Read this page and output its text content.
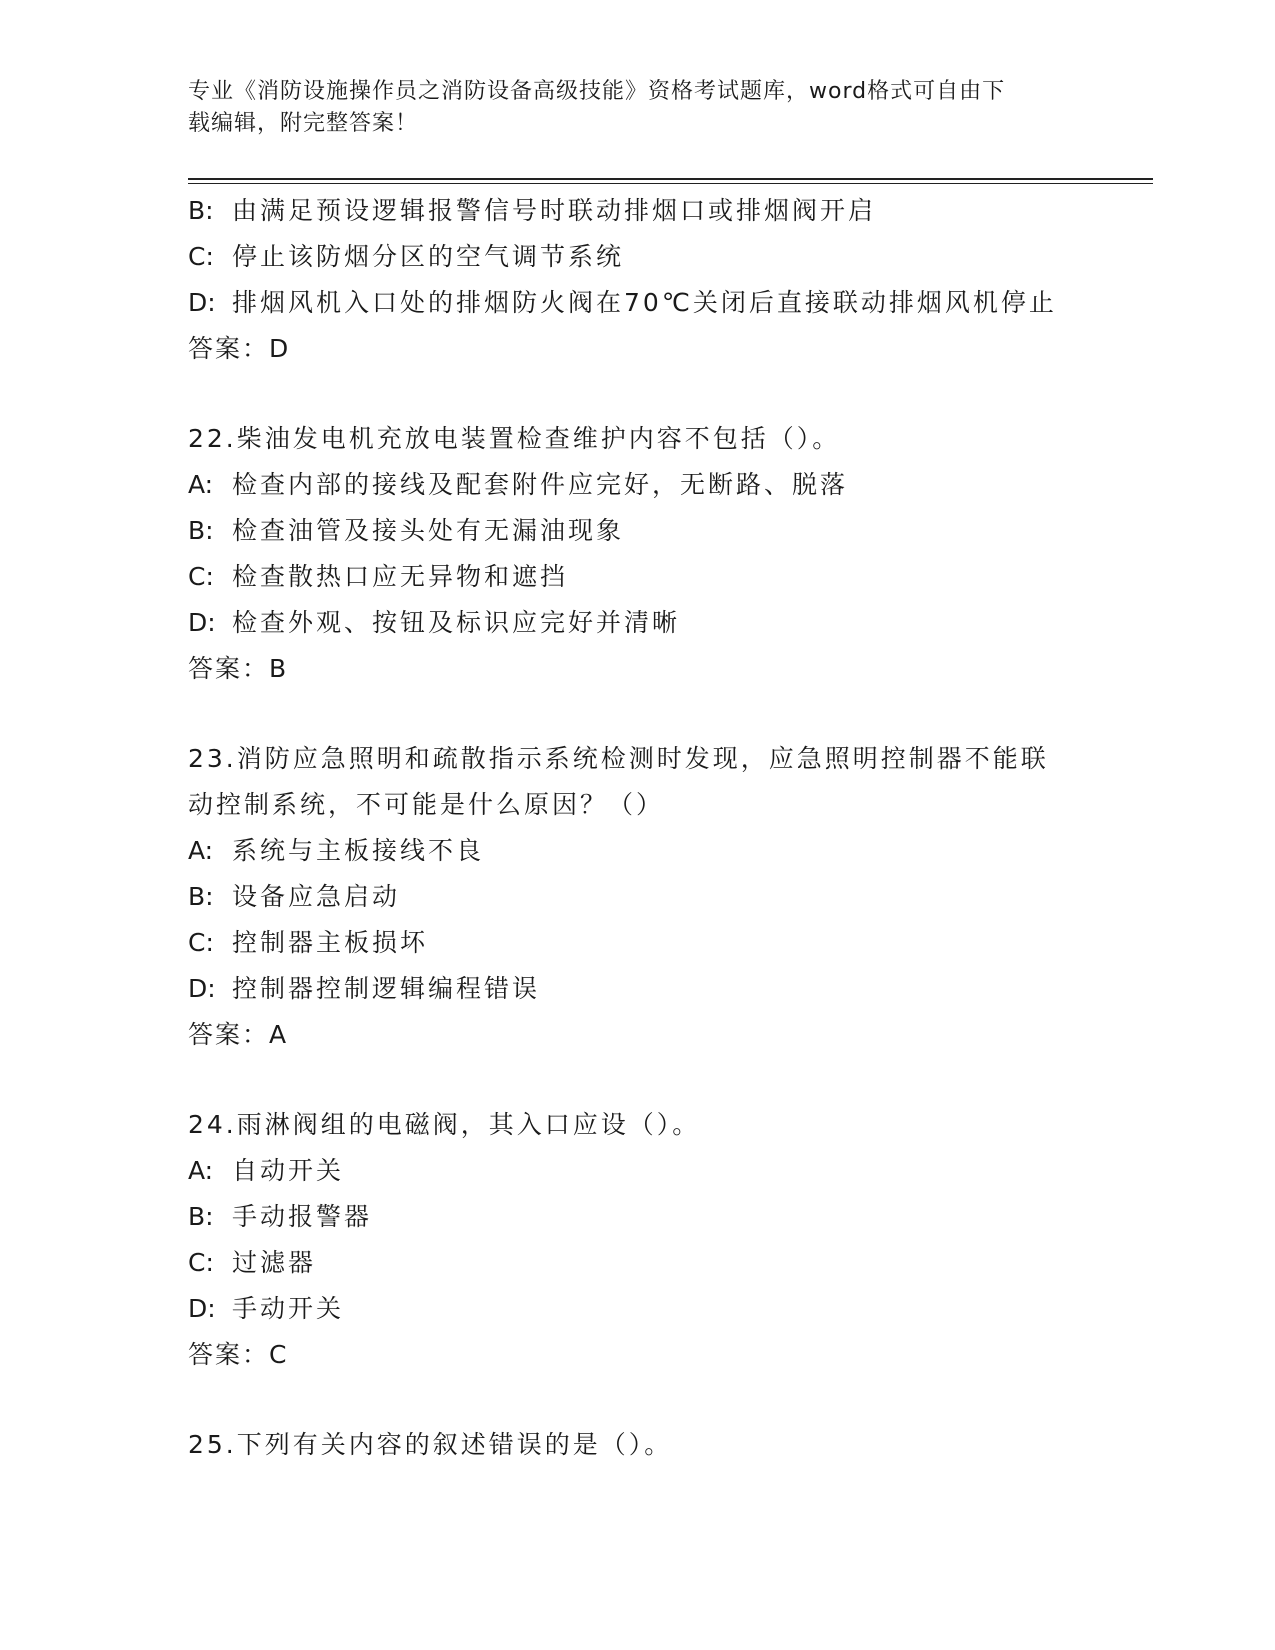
专业《消防设施操作员之消防设备高级技能》资格考试题库，word格式可自由下
载编辑，附完整答案！
B: 由满足预设逻辑报警信号时联动排烟口或排烟阀开启
C: 停止该防烟分区的空气调节系统
D: 排烟风机入口处的排烟防火阀在70℃关闭后直接联动排烟风机停止
答案：D
22.柴油发电机充放电装置检查维护内容不包括（）。
A: 检查内部的接线及配套附件应完好，无断路、脱落
B: 检查油管及接头处有无漏油现象
C: 检查散热口应无异物和遮挡
D: 检查外观、按钮及标识应完好并清晰
答案：B
23.消防应急照明和疏散指示系统检测时发现，应急照明控制器不能联
动控制系统，不可能是什么原因？（）
A: 系统与主板接线不良
B: 设备应急启动
C: 控制器主板损坏
D: 控制器控制逻辑编程错误
答案：A
24.雨淋阀组的电磁阀，其入口应设（）。
A: 自动开关
B: 手动报警器
C: 过滤器
D: 手动开关
答案：C
25.下列有关内容的叙述错误的是（）。
